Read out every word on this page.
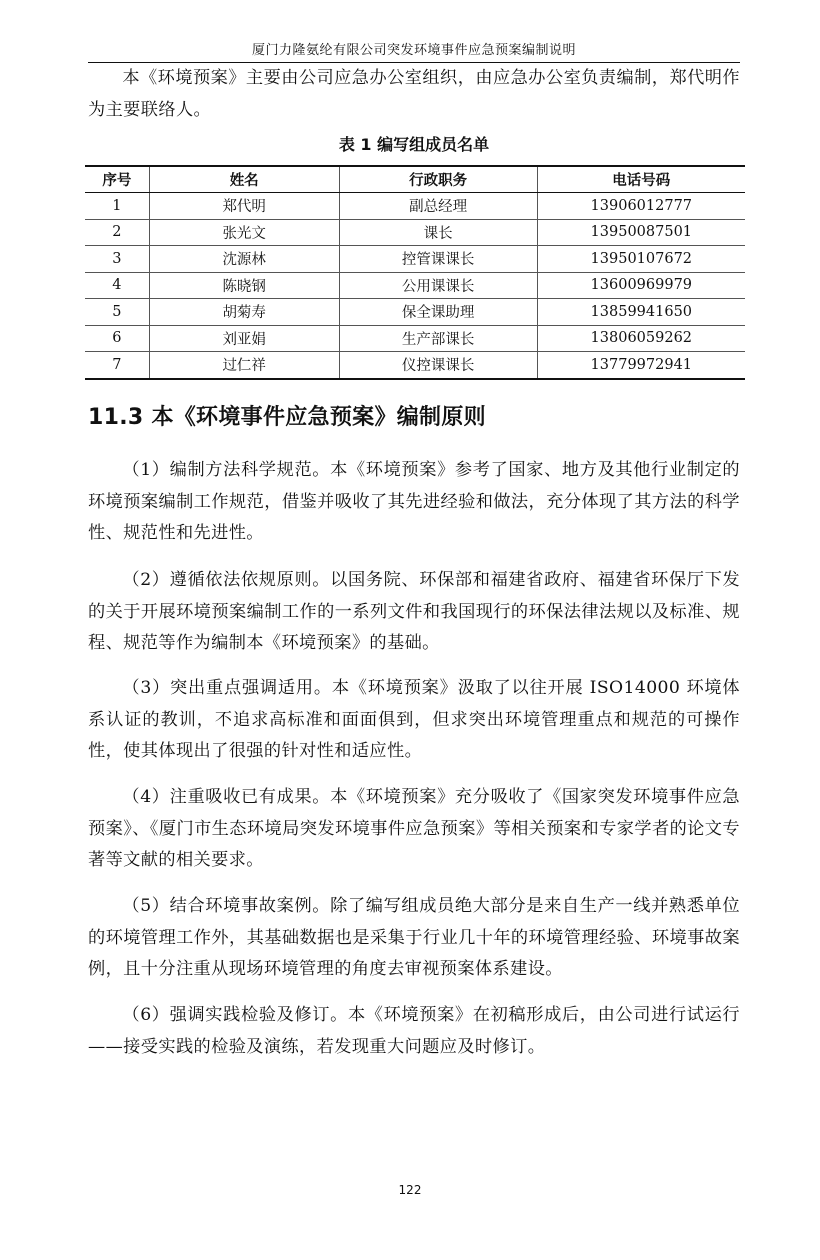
厦门力隆氨纶有限公司突发环境事件应急预案编制说明

本《环境预案》主要由公司应急办公室组织，由应急办公室负责编制，郑代明作为主要联络人。

表 1 编写组成员名单
序号	姓名	行政职务	电话号码
1	郑代明	副总经理	13906012777
2	张光文	课长	13950087501
3	沈源林	控管课课长	13950107672
4	陈晓钢	公用课课长	13600969979
5	胡菊寿	保全课助理	13859941650
6	刘亚娟	生产部课长	13806059262
7	过仁祥	仪控课课长	13779972941
11.3 本《环境事件应急预案》编制原则

（1）编制方法科学规范。本《环境预案》参考了国家、地方及其他行业制定的环境预案编制工作规范，借鉴并吸收了其先进经验和做法，充分体现了其方法的科学性、规范性和先进性。

（2）遵循依法依规原则。以国务院、环保部和福建省政府、福建省环保厅下发的关于开展环境预案编制工作的一系列文件和我国现行的环保法律法规以及标准、规程、规范等作为编制本《环境预案》的基础。

（3）突出重点强调适用。本《环境预案》汲取了以往开展 ISO14000 环境体系认证的教训，不追求高标准和面面俱到，但求突出环境管理重点和规范的可操作性，使其体现出了很强的针对性和适应性。

（4）注重吸收已有成果。本《环境预案》充分吸收了《国家突发环境事件应急预案》、《厦门市生态环境局突发环境事件应急预案》等相关预案和专家学者的论文专著等文献的相关要求。

（5）结合环境事故案例。除了编写组成员绝大部分是来自生产一线并熟悉单位的环境管理工作外，其基础数据也是采集于行业几十年的环境管理经验、环境事故案例，且十分注重从现场环境管理的角度去审视预案体系建设。

（6）强调实践检验及修订。本《环境预案》在初稿形成后，由公司进行试运行——接受实践的检验及演练，若发现重大问题应及时修订。

122
